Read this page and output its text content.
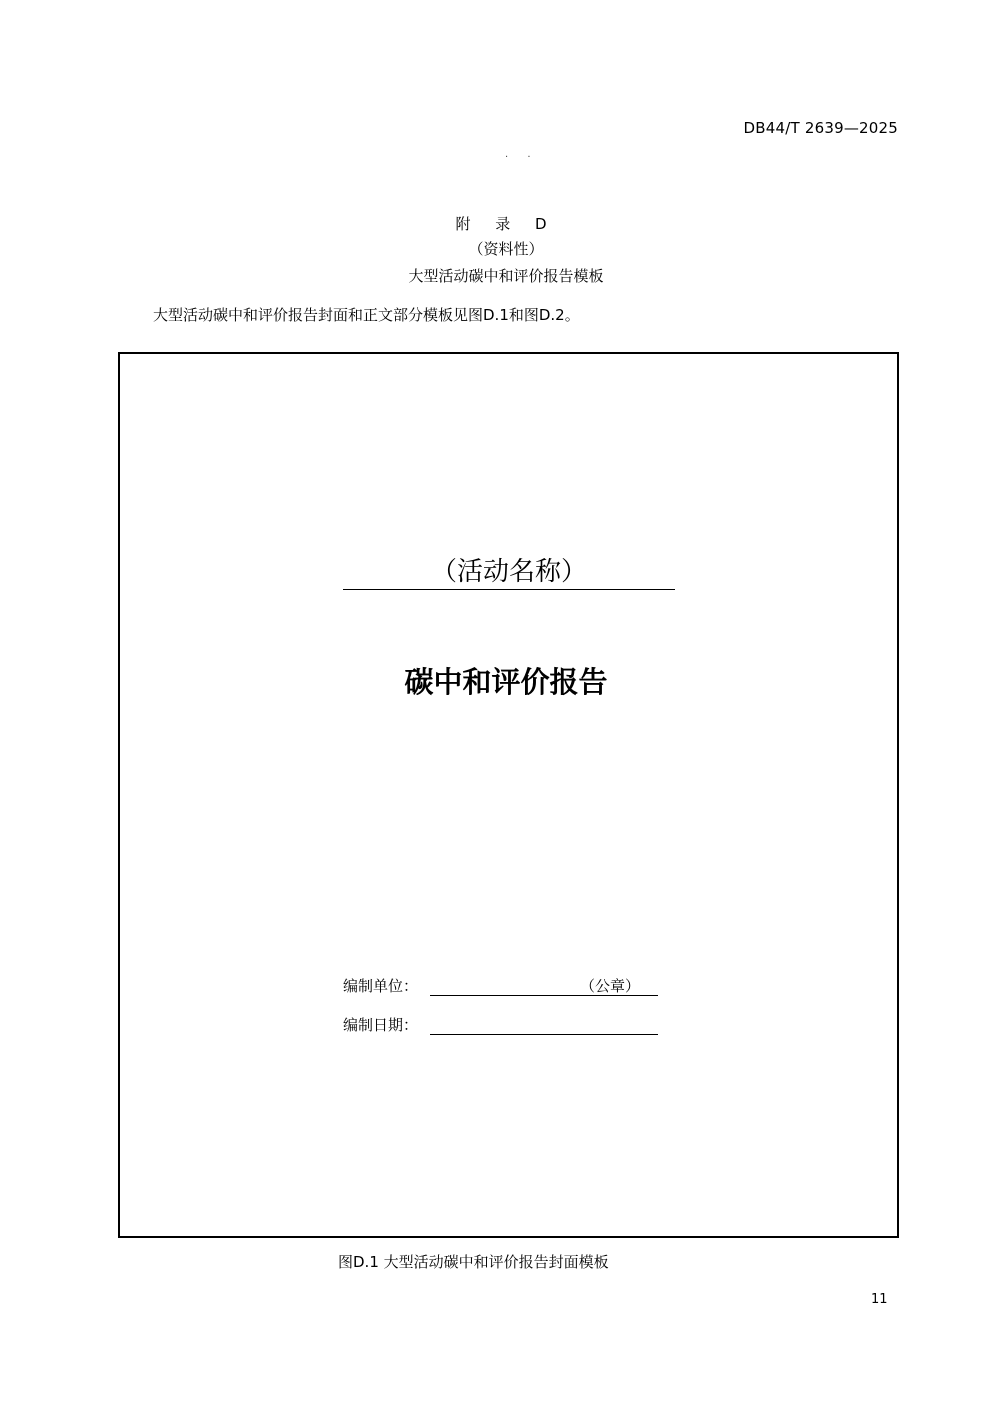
DB44/T 2639—2025
· ·
附 录 D
（资料性）
大型活动碳中和评价报告模板
大型活动碳中和评价报告封面和正文部分模板见图D.1和图D.2。
（活动名称）
碳中和评价报告
编制单位：	（公章）
编制日期：
图D.1 大型活动碳中和评价报告封面模板
11
